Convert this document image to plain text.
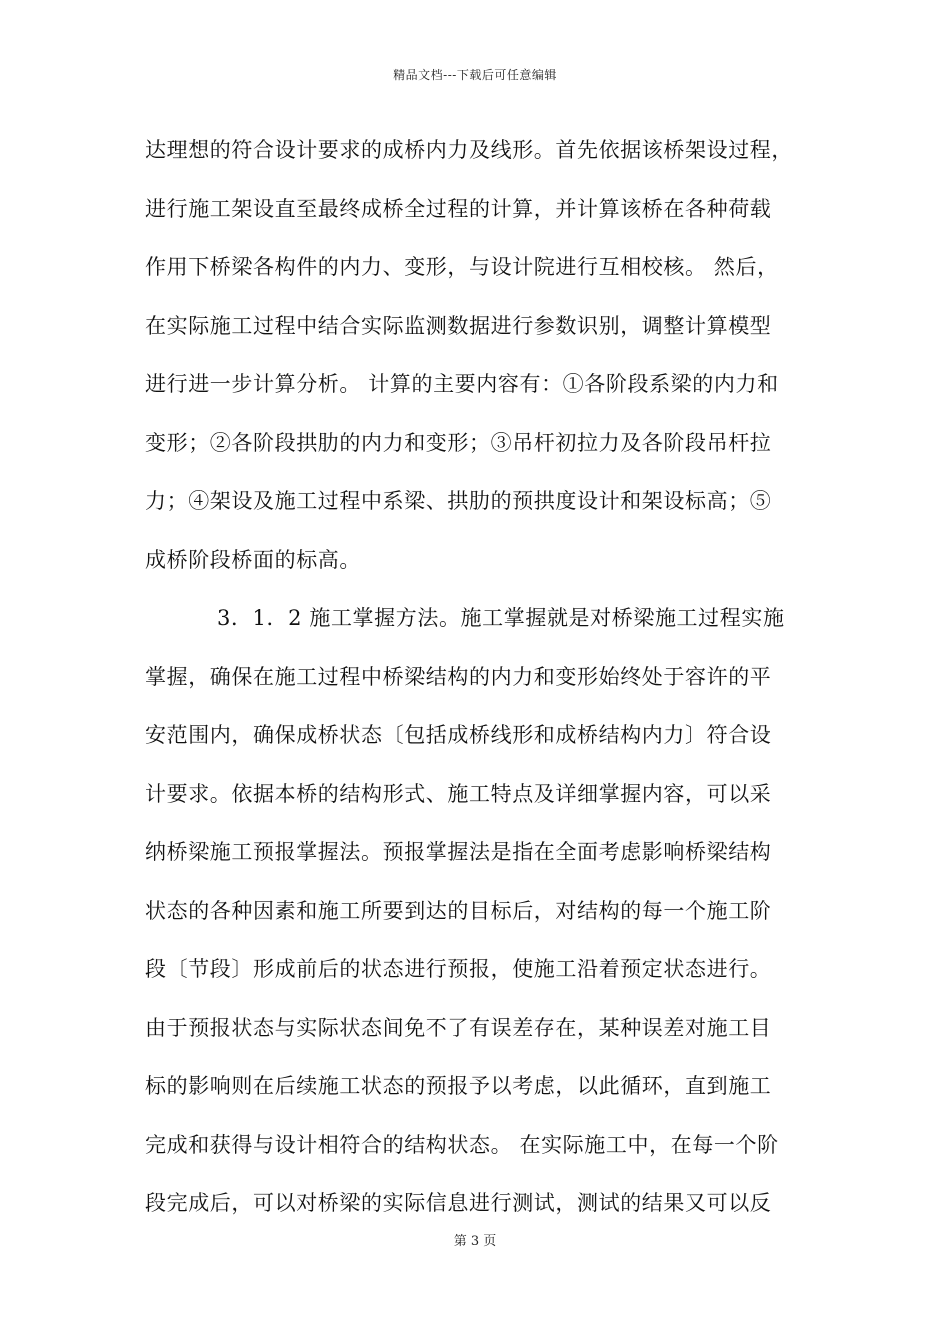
精品文档---下载后可任意编辑
达理想的符合设计要求的成桥内力及线形。首先依据该桥架设过程，
进行施工架设直至最终成桥全过程的计算，并计算该桥在各种荷载
作用下桥梁各构件的内力、变形，与设计院进行互相校核。 然后，
在实际施工过程中结合实际监测数据进行参数识别，调整计算模型
进行进一步计算分析。 计算的主要内容有：①各阶段系梁的内力和
变形；②各阶段拱肋的内力和变形；③吊杆初拉力及各阶段吊杆拉
力；④架设及施工过程中系梁、拱肋的预拱度设计和架设标高；⑤
成桥阶段桥面的标高。
3．1．2 施工掌握方法。施工掌握就是对桥梁施工过程实施
掌握，确保在施工过程中桥梁结构的内力和变形始终处于容许的平
安范围内，确保成桥状态〔包括成桥线形和成桥结构内力〕符合设
计要求。依据本桥的结构形式、施工特点及详细掌握内容，可以采
纳桥梁施工预报掌握法。预报掌握法是指在全面考虑影响桥梁结构
状态的各种因素和施工所要到达的目标后，对结构的每一个施工阶
段〔节段〕形成前后的状态进行预报，使施工沿着预定状态进行。
由于预报状态与实际状态间免不了有误差存在，某种误差对施工目
标的影响则在后续施工状态的预报予以考虑，以此循环，直到施工
完成和获得与设计相符合的结构状态。 在实际施工中，在每一个阶
段完成后，可以对桥梁的实际信息进行测试，测试的结果又可以反
第 3 页
